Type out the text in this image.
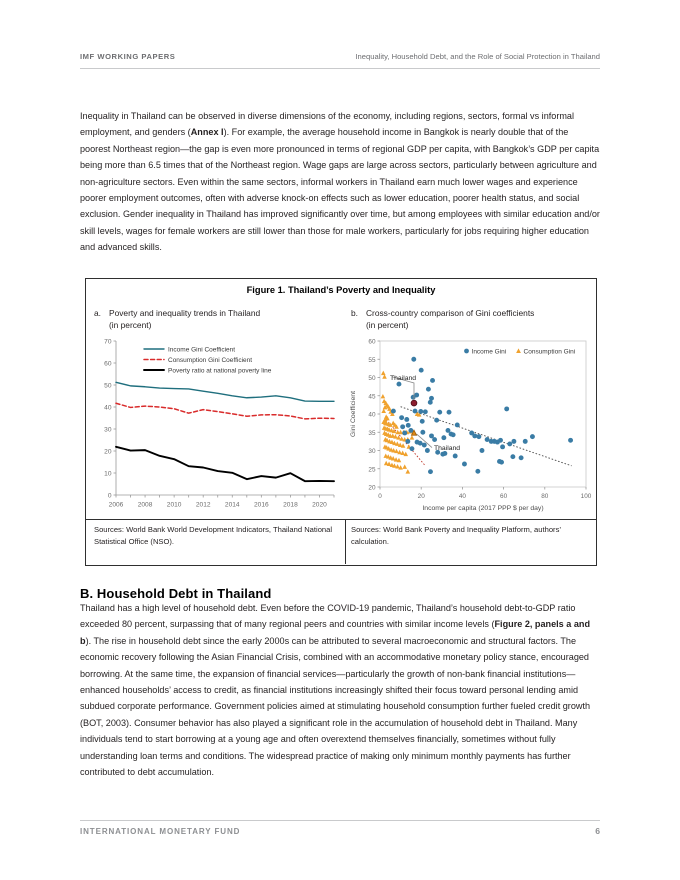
IMF WORKING PAPERS	Inequality, Household Debt, and the Role of Social Protection in Thailand
Inequality in Thailand can be observed in diverse dimensions of the economy, including regions, sectors, formal vs informal employment, and genders (Annex I). For example, the average household income in Bangkok is nearly double that of the poorest Northeast region—the gap is even more pronounced in terms of regional GDP per capita, with Bangkok’s GDP per capita being more than 6.5 times that of the Northeast region. Wage gaps are large across sectors, particularly between agriculture and non-agriculture sectors. Even within the same sectors, informal workers in Thailand earn much lower wages and experience poorer employment outcomes, often with adverse knock-on effects such as lower education, poorer health status, and social exclusion. Gender inequality in Thailand has improved significantly over time, but among employees with similar education and/or skill levels, wages for female workers are still lower than those for male workers, particularly for jobs requiring higher education and advanced skills.
Figure 1. Thailand’s Poverty and Inequality
a. Poverty and inequality trends in Thailand
(in percent)
b. Cross-country comparison of Gini coefficients
(in percent)
0
10
20
30
40
50
60
70
2006 2008 2010 2012 2014 2016 2018 2020
Income Gini Coefficient
Consumption Gini Coefficient
Poverty ratio at national poverty line
20
25
30
35
40
45
50
55
60
0	20	40	60	80	100
Income per capita (2017 PPP $ per day)
Gini Coefficient
Thailand
Thailand
Income Gini	Consumption Gini
Sources: World Bank World Development Indicators, Thailand National Statistical Office (NSO).
Sources: World Bank Poverty and Inequality Platform, authors’ calculation.
B. Household Debt in Thailand
Thailand has a high level of household debt. Even before the COVID-19 pandemic, Thailand’s household debt-to-GDP ratio exceeded 80 percent, surpassing that of many regional peers and countries with similar income levels (Figure 2, panels a and b). The rise in household debt since the early 2000s can be attributed to several macroeconomic and structural factors. The economic recovery following the Asian Financial Crisis, combined with an accommodative monetary policy stance, encouraged borrowing. At the same time, the expansion of financial services—particularly the growth of non-bank financial institutions—enhanced households’ access to credit, as financial institutions increasingly shifted their focus toward personal lending amid subdued corporate performance. Government policies aimed at stimulating household consumption further fueled credit growth (BOT, 2003). Consumer behavior has also played a significant role in the accumulation of household debt in Thailand. Many individuals tend to start borrowing at a young age and often overextend themselves financially, sometimes without fully understanding loan terms and conditions. The widespread practice of making only minimum monthly payments has further contributed to debt accumulation.
INTERNATIONAL MONETARY FUND	6
